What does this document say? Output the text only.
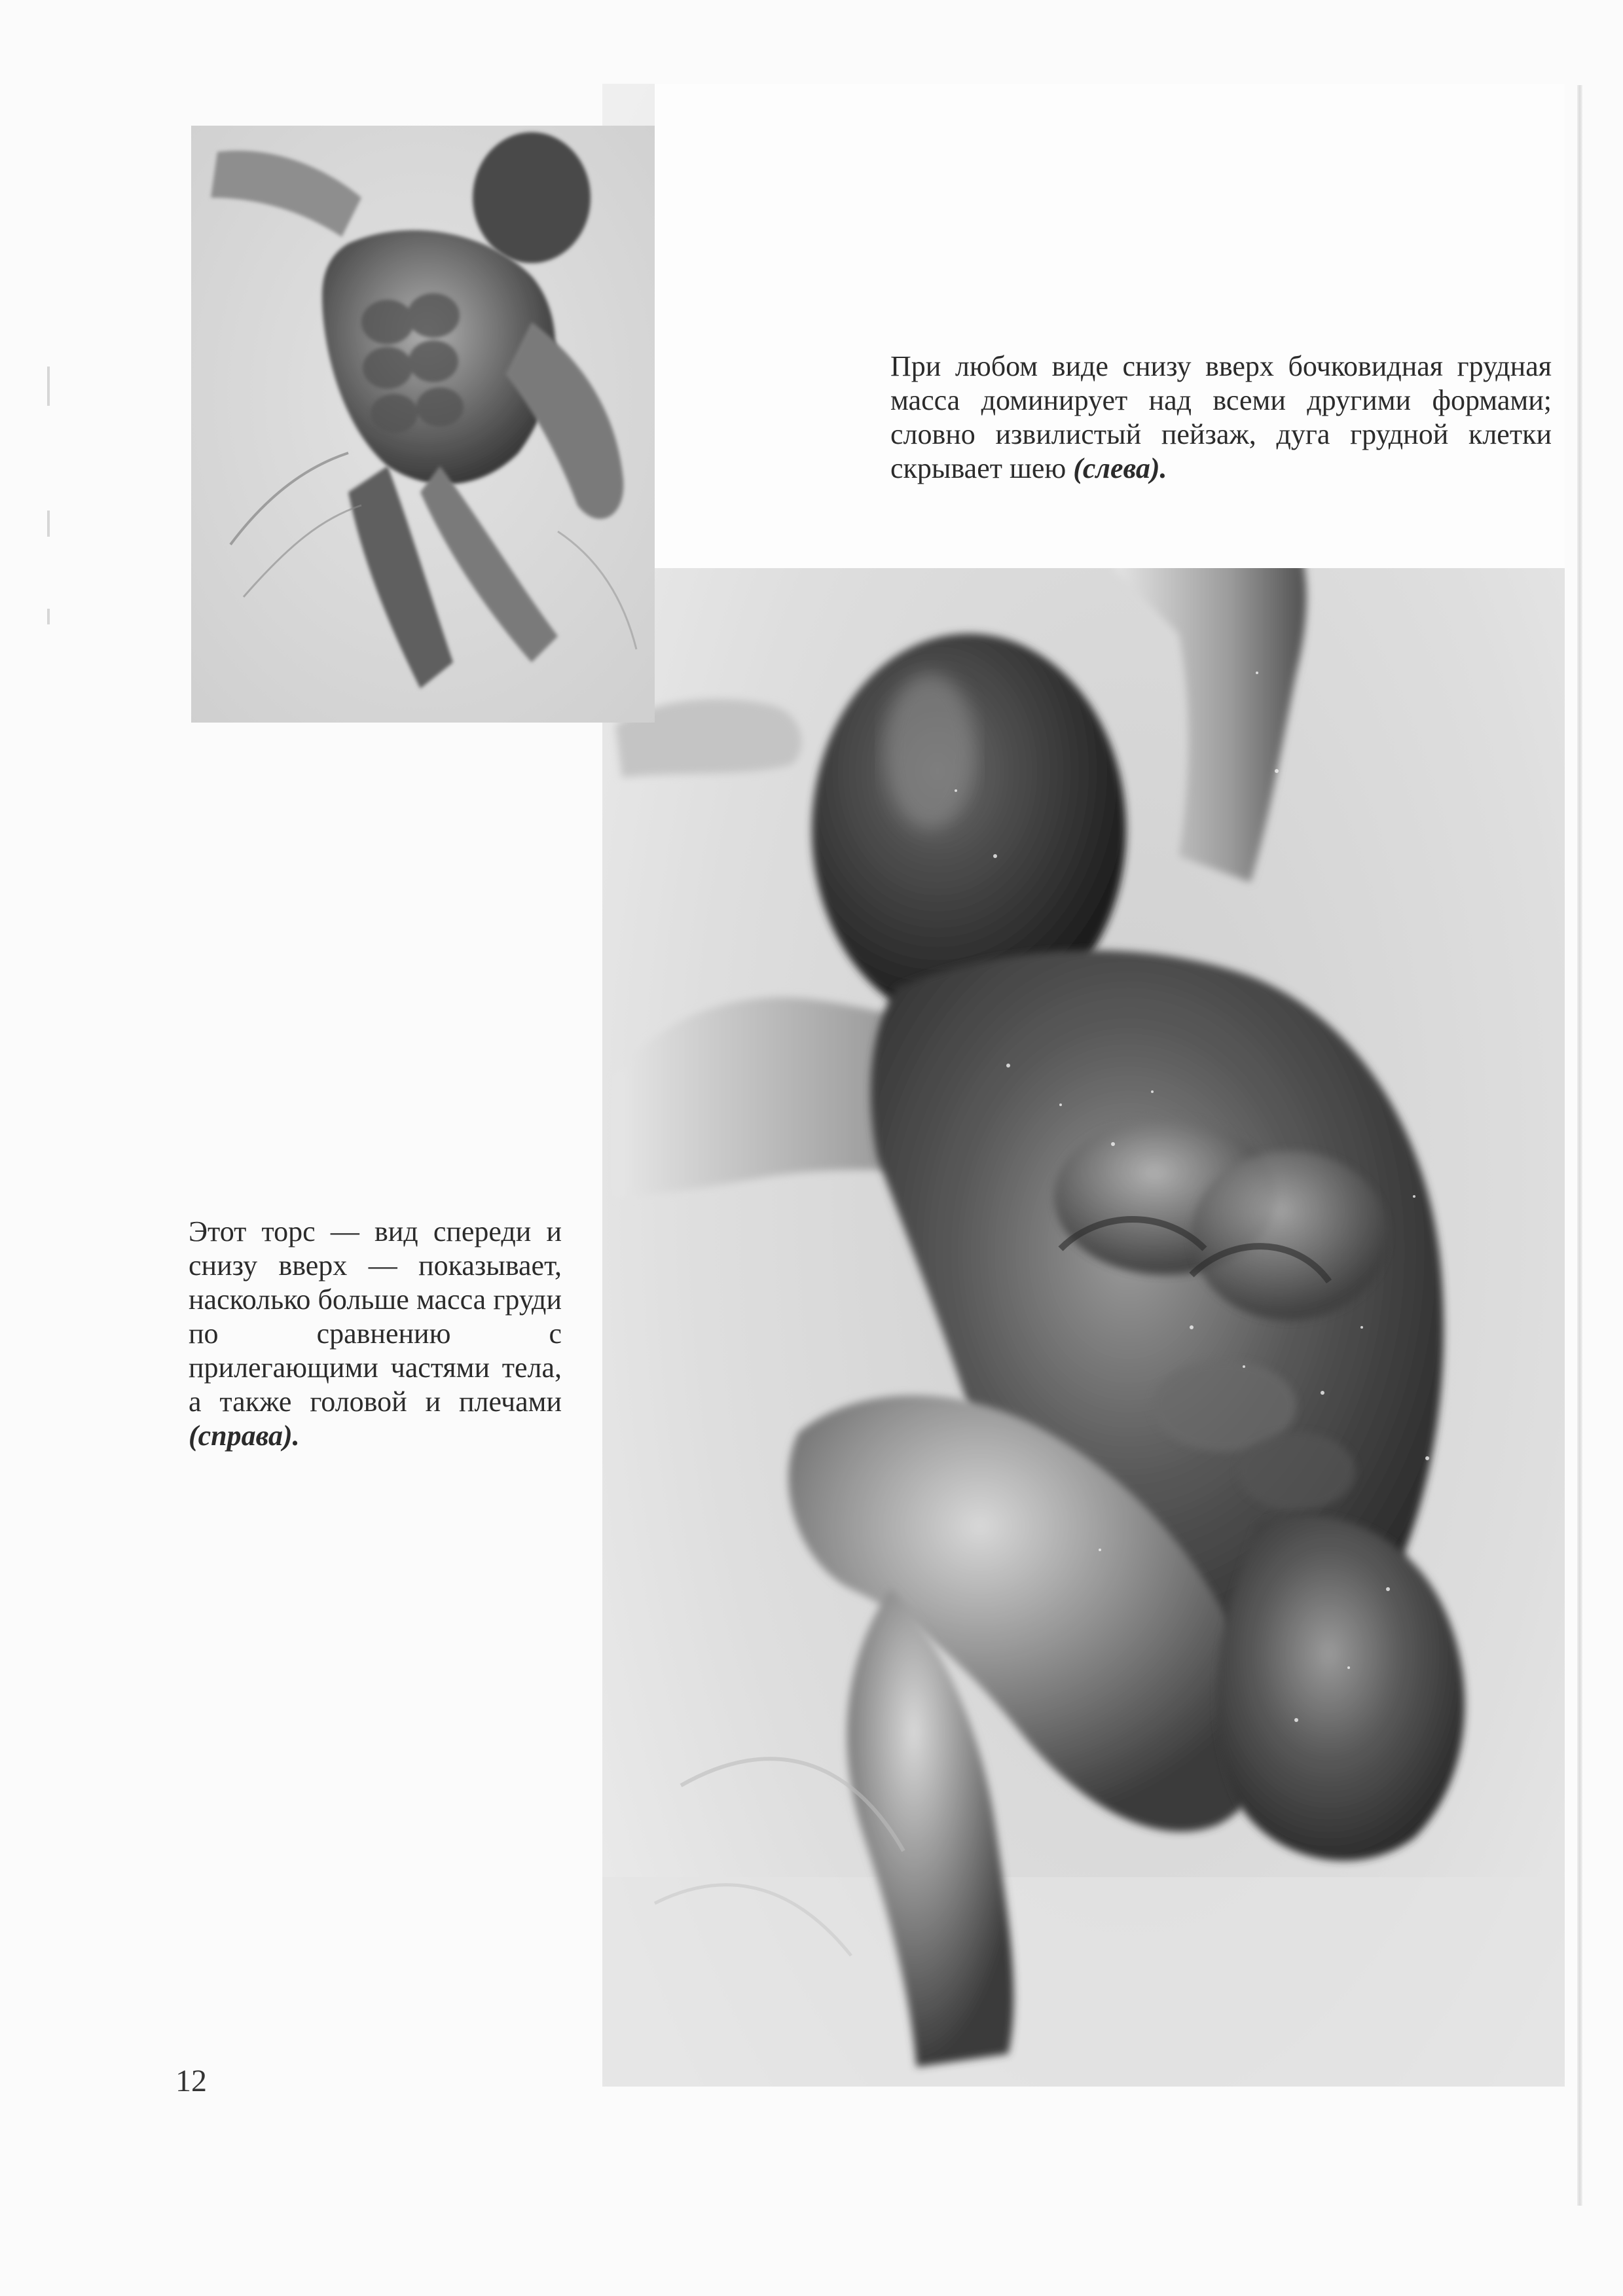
При любом виде снизу вверх бочковидная грудная масса доминирует над всеми другими формами; словно извилистый пейзаж, дуга грудной клетки скрывает шею (слева).

Этот торс — вид спереди и снизу вверх — показывает, насколько больше масса груди по сравнению с прилегающими частями тела, а также головой и плечами (справа).

12
